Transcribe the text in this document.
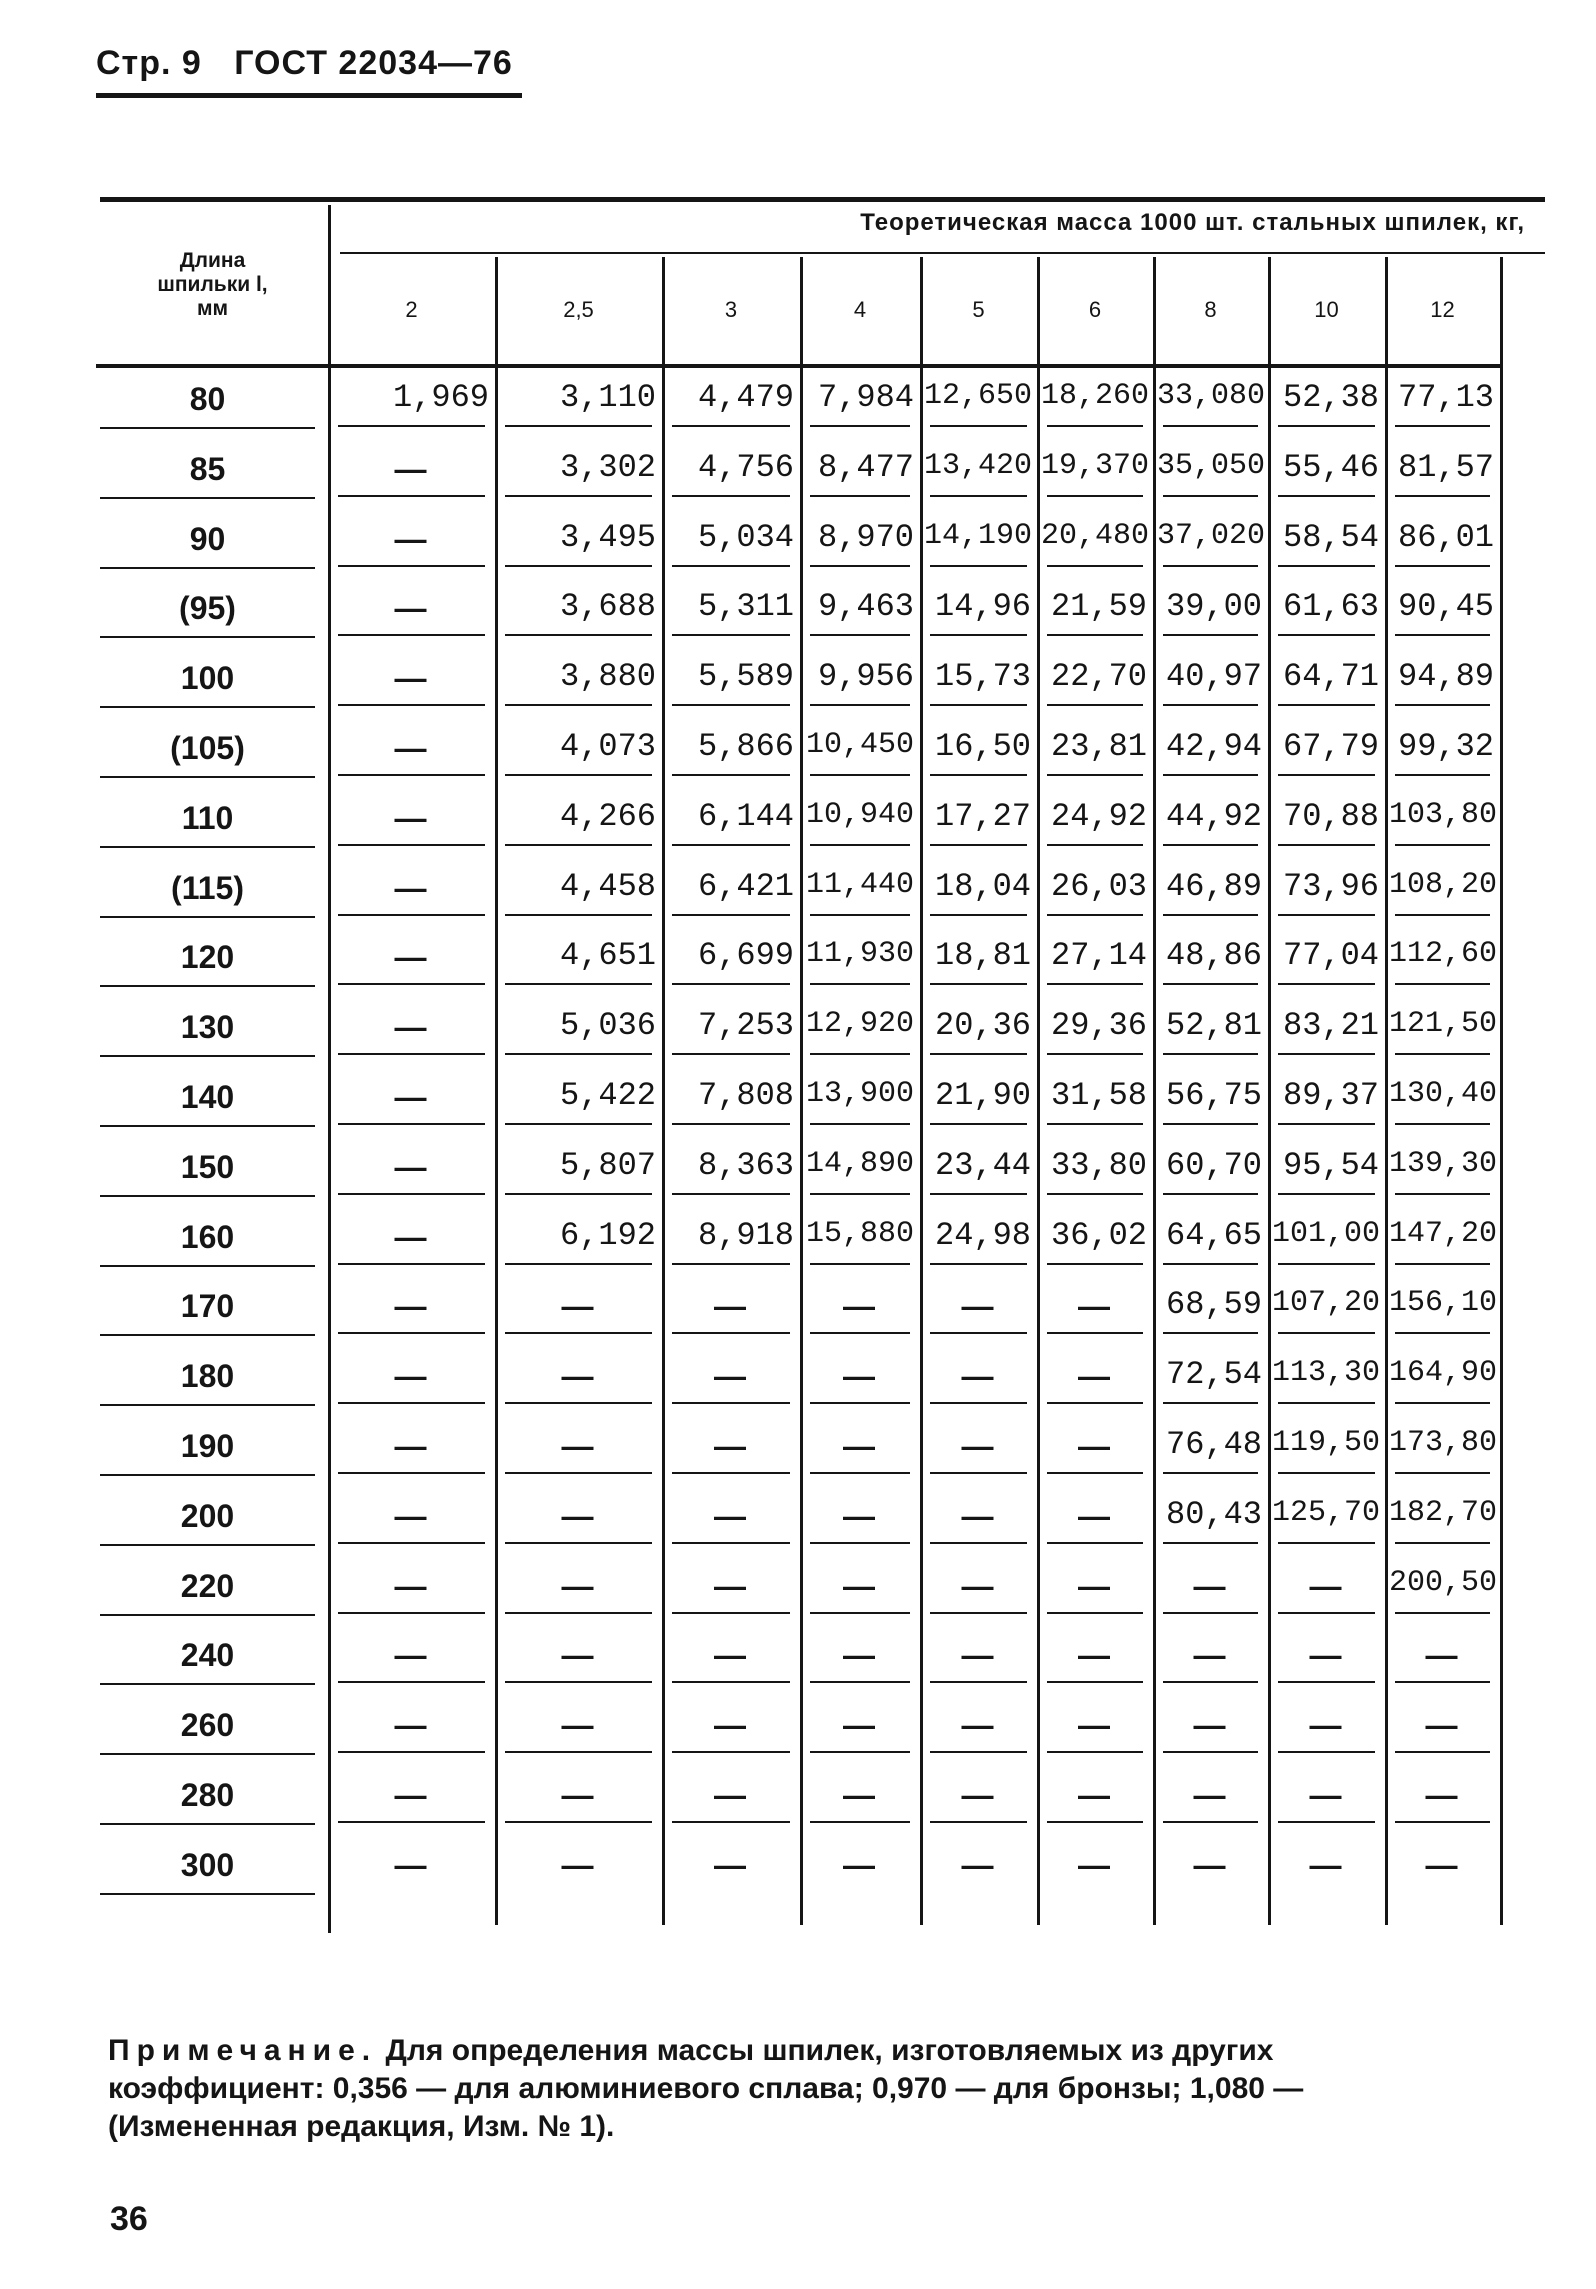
Стр. 9 ГОСТ 22034—76
Длина
шпильки l,
мм
Теоретическая масса 1000 шт. стальных шпилек, кг,
2	2,5	3	4	5	6	8	10	12
80	1,969	3,110	4,479 7,984 12,650 18,260 33,080 52,38 77,13
85	—	3,302	4,756 8,477 13,420 19,370 35,050 55,46 81,57
90	—	3,495	5,034 8,970 14,190 20,480 37,020 58,54 86,01
(95)	—	3,688	5,311 9,463 14,96 21,59 39,00 61,63 90,45
100	—	3,880	5,589 9,956 15,73 22,70 40,97 64,71 94,89
(105)	—	4,073	5,866 10,450 16,50 23,81 42,94 67,79 99,32
110	—	4,266	6,144 10,940 17,27 24,92 44,92 70,88 103,80
(115)	—	4,458	6,421 11,440 18,04 26,03 46,89 73,96 108,20
120	—	4,651	6,699 11,930 18,81 27,14 48,86 77,04 112,60
130	—	5,036	7,253 12,920 20,36 29,36 52,81 83,21 121,50
140	—	5,422	7,808 13,900 21,90 31,58 56,75 89,37 130,40
150	—	5,807	8,363 14,890 23,44 33,80 60,70 95,54 139,30
160	—	6,192	8,918 15,880 24,98 36,02 64,65 101,00 147,20
170	—	—	—	—	—	—	68,59 107,20 156,10
180	—	—	—	—	—	—	72,54 113,30 164,90
190	—	—	—	—	—	—	76,48 119,50 173,80
200	—	—	—	—	—	—	80,43 125,70 182,70
220	—	—	—	—	—	—	—	—	200,50
240	—	—	—	—	—	—	—	—	—
260	—	—	—	—	—	—	—	—	—
280	—	—	—	—	—	—	—	—	—
300	—	—	—	—	—	—	—	—	—
Примечание. Для определения массы шпилек, изготовляемых из других
коэффициент: 0,356 — для алюминиевого сплава; 0,970 — для бронзы; 1,080 —
(Измененная редакция, Изм. № 1).
36
